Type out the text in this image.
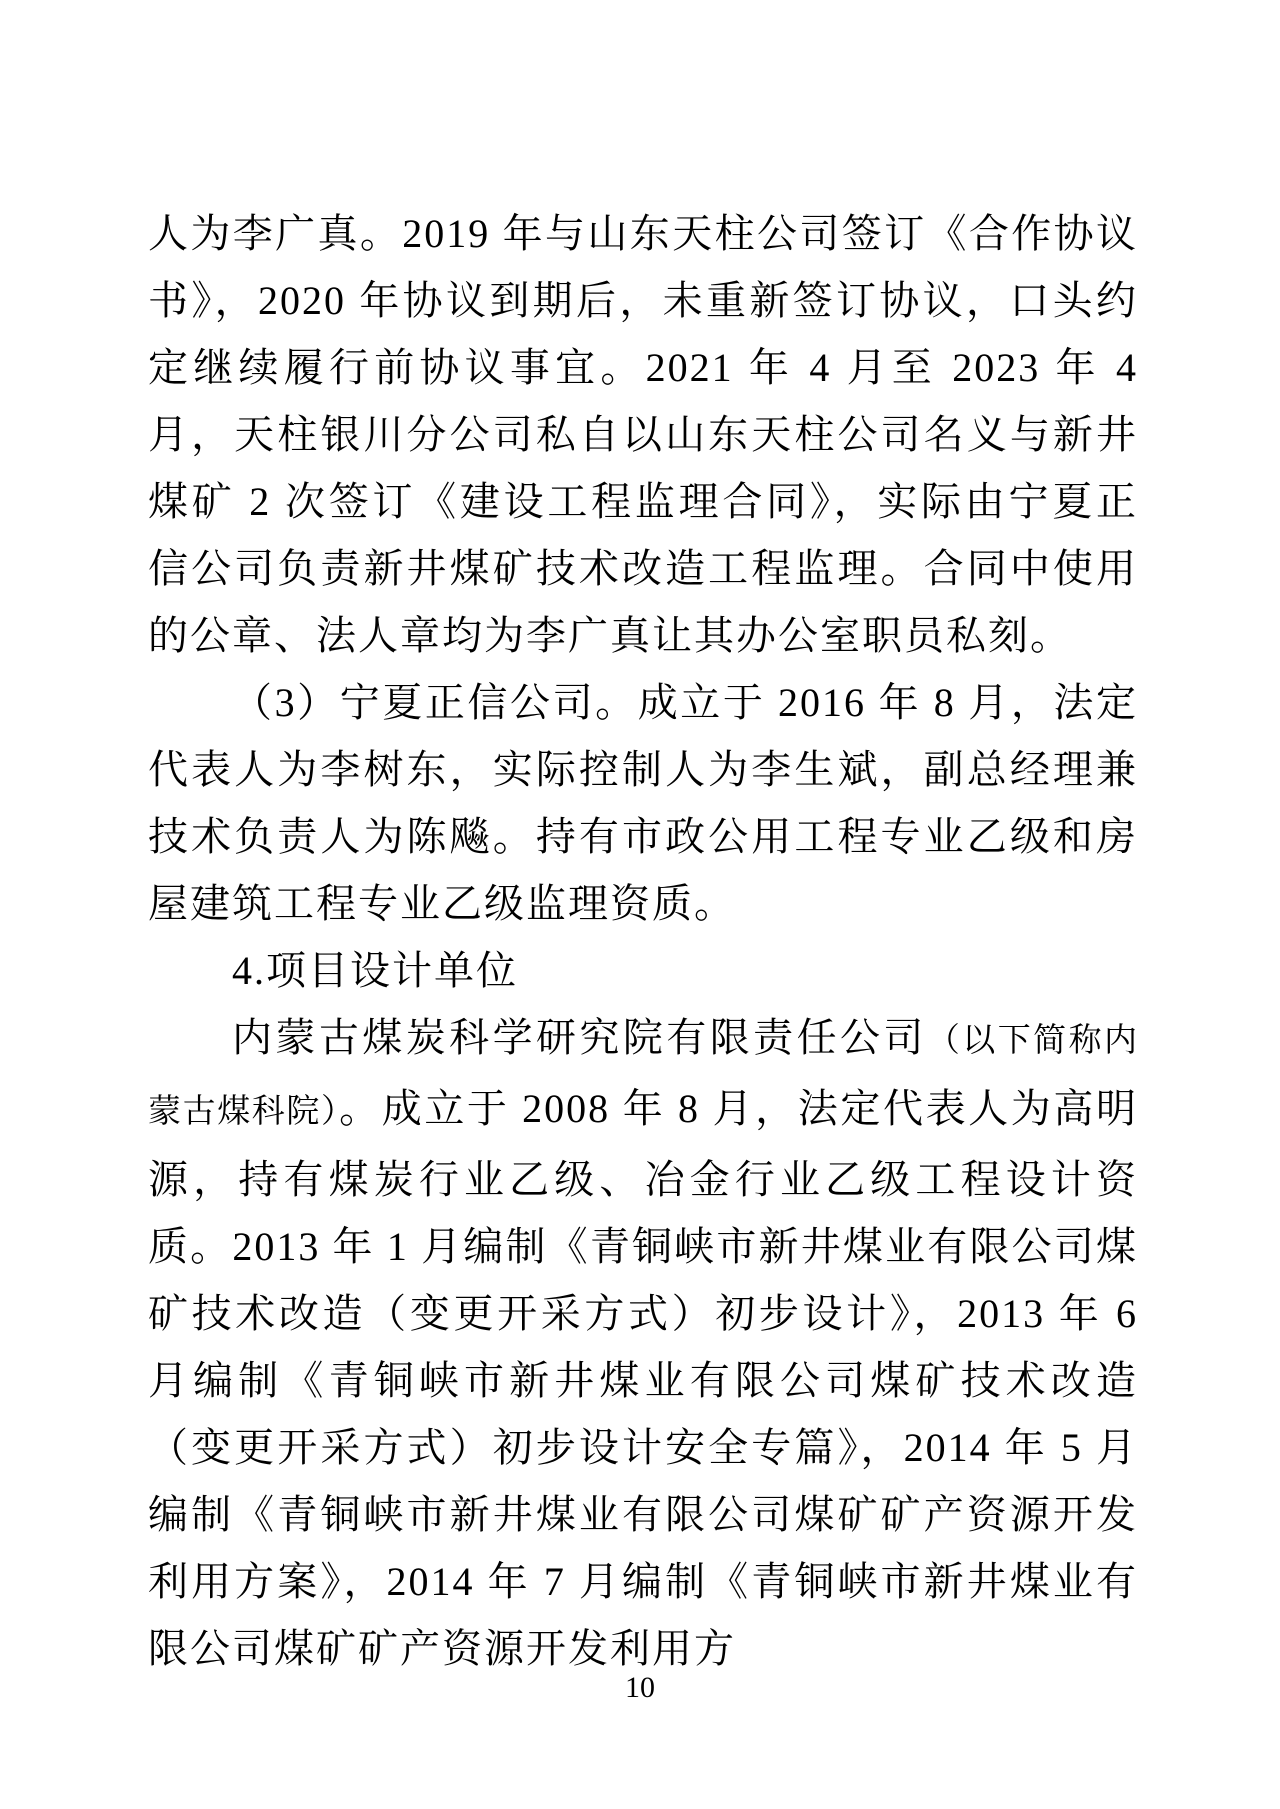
人为李广真。2019 年与山东天柱公司签订《合作协议书》，2020 年协议到期后，未重新签订协议，口头约定继续履行前协议事宜。2021 年 4 月至 2023 年 4 月，天柱银川分公司私自以山东天柱公司名义与新井煤矿 2 次签订《建设工程监理合同》，实际由宁夏正信公司负责新井煤矿技术改造工程监理。合同中使用的公章、法人章均为李广真让其办公室职员私刻。

（3）宁夏正信公司。成立于 2016 年 8 月，法定代表人为李树东，实际控制人为李生斌，副总经理兼技术负责人为陈飚。持有市政公用工程专业乙级和房屋建筑工程专业乙级监理资质。

4.项目设计单位

内蒙古煤炭科学研究院有限责任公司（以下简称内蒙古煤科院）。成立于 2008 年 8 月，法定代表人为高明源，持有煤炭行业乙级、冶金行业乙级工程设计资质。2013 年 1 月编制《青铜峡市新井煤业有限公司煤矿技术改造（变更开采方式）初步设计》，2013 年 6 月编制《青铜峡市新井煤业有限公司煤矿技术改造（变更开采方式）初步设计安全专篇》，2014 年 5 月编制《青铜峡市新井煤业有限公司煤矿矿产资源开发利用方案》，2014 年 7 月编制《青铜峡市新井煤业有限公司煤矿矿产资源开发利用方

10
